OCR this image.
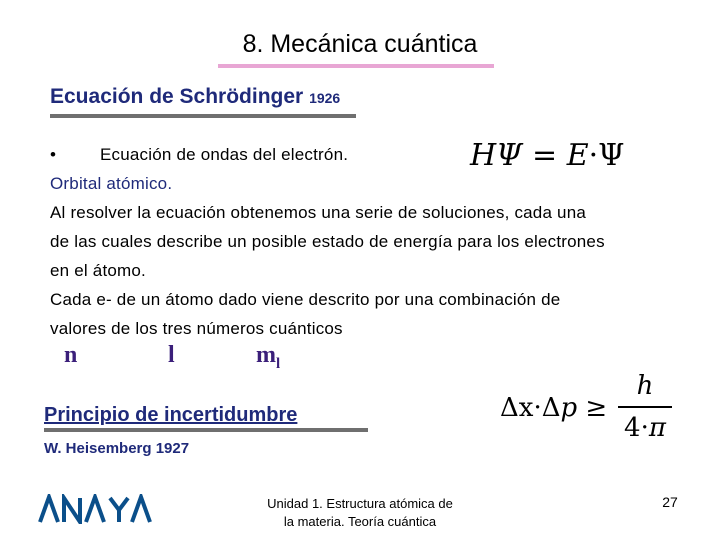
8. Mecánica cuántica
Ecuación de Schrödinger 1926
•	Ecuación de ondas del electrón.
Orbital atómico.
Al resolver la ecuación obtenemos una serie de soluciones, cada una
de las cuales describe un posible estado de energía para los electrones
en el átomo.
Cada e- de un átomo dado viene descrito por una combinación de
valores de los tres números cuánticos
HΨ = E·Ψ
n	l	$m_l$
Principio de incertidumbre
W. Heisemberg 1927
Δx·Δp ≥
h
4·π
Unidad 1. Estructura atómica de
la materia. Teoría cuántica
27
